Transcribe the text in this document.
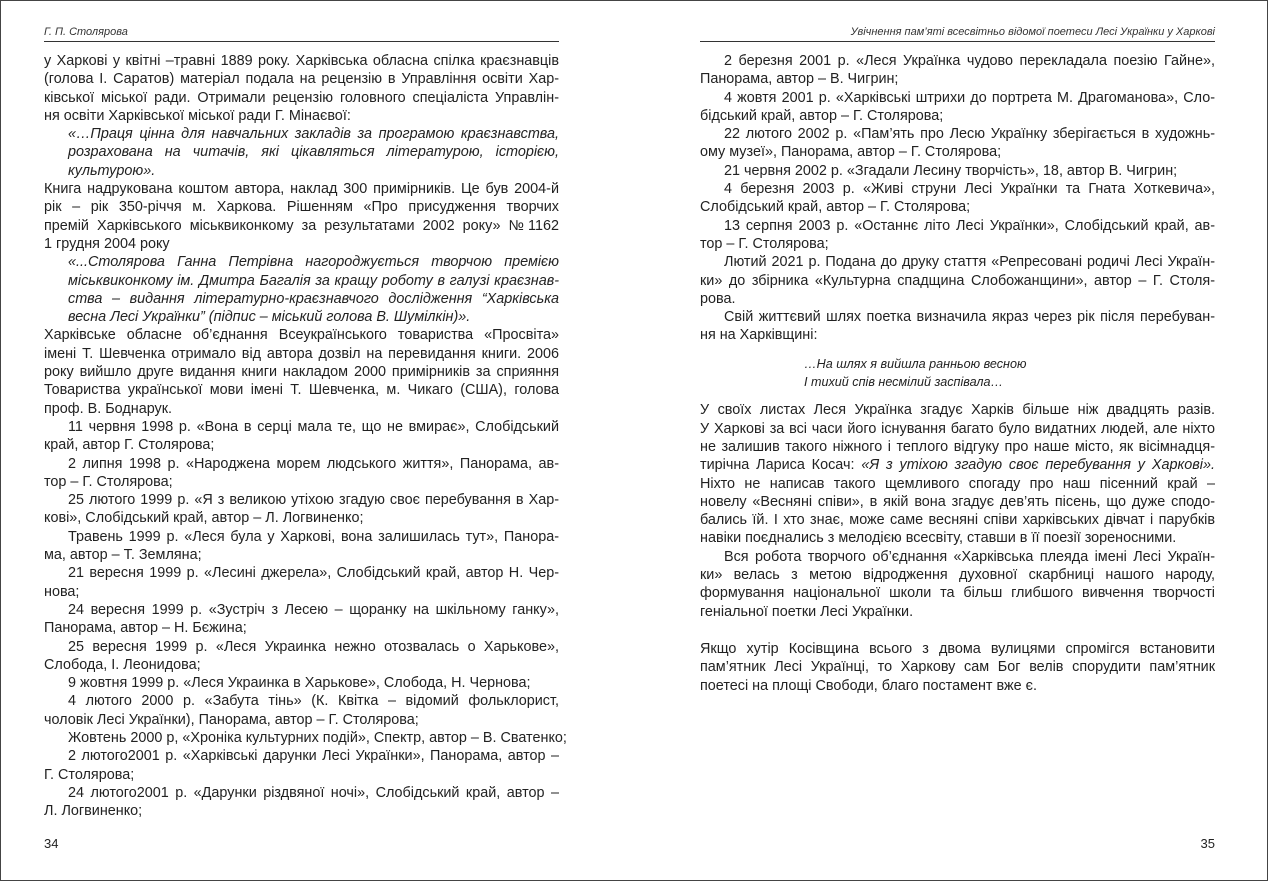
Г. П. Столярова
у Харкові у квітні –травні 1889 року. Харківська обласна спілка краєзнавців
(голова І. Саратов) матеріал подала на рецензію в Управління освіти Хар-
ківської міської ради. Отримали рецензію головного спеціаліста Управлін-
ня освіти Харківської міської ради Г. Мінаєвої:
«…Праця цінна для навчальних закладів за програмою краєзнавства,
розрахована на читачів, які цікавляться літературою, історією,
культурою».
Книга надрукована коштом автора, наклад 300 примірників. Це був 2004-й
рік – рік 350-річчя м. Харкова. Рішенням «Про присудження творчих
премій Харківського міськвиконкому за результатами 2002 року» №1162
1 грудня 2004 року
«...Столярова Ганна Петрівна нагороджується творчою премією
міськвиконкому ім. Дмитра Багалія за кращу роботу в галузі краєзнав-
ства – видання літературно-краєзнавчого дослідження “Харківська
весна Лесі Українки” (підпис – міський голова В. Шумілкін)».
Харківське обласне об’єднання Всеукраїнського товариства «Просвіта»
імені Т. Шевченка отримало від автора дозвіл на перевидання книги. 2006
року вийшло друге видання книги накладом 2000 примірників за сприяння
Товариства української мови імені Т. Шевченка, м. Чикаго (США), голова
проф. В. Боднарук.
11 червня 1998 р. «Вона в серці мала те, що не вмирає», Слобідський
край, автор Г. Столярова;
2 липня 1998 р. «Народжена морем людського життя», Панорама, ав-
тор – Г. Столярова;
25 лютого 1999 р. «Я з великою утіхою згадую своє перебування в Хар-
кові», Слобідський край, автор – Л. Логвиненко;
Травень 1999 р. «Леся була у Харкові, вона залишилась тут», Панора-
ма, автор – Т. Земляна;
21 вересня 1999 р. «Лесині джерела», Слобідський край, автор Н. Чер-
нова;
24 вересня 1999 р. «Зустріч з Лесею – щоранку на шкільному ганку»,
Панорама, автор – Н. Бєжина;
25 вересня 1999 р. «Леся Украинка нежно отозвалась о Харькове»,
Слобода, І. Леонидова;
9 жовтня 1999 р. «Леся Украинка в Харькове», Слобода, Н. Чернова;
4 лютого 2000 р. «Забута тінь» (К. Квітка – відомий фольклорист,
чоловік Лесі Українки), Панорама, автор – Г. Столярова;
Жовтень 2000 р, «Хроніка культурних подій», Спектр, автор – В. Сватенко;
2 лютого2001 р. «Харківські дарунки Лесі Українки», Панорама, автор –
Г. Столярова;
24 лютого2001 р. «Дарунки різдвяної ночі», Слобідський край, автор –
Л. Логвиненко;
34
Увічнення пам’яті всесвітньо відомої поетеси Лесі Українки у Харкові
2 березня 2001 р. «Леся Українка чудово перекладала поезію Гайне»,
Панорама, автор – В. Чигрин;
4 жовтя 2001 р. «Харківські штрихи до портрета М. Драгоманова», Сло-
бідський край, автор – Г. Столярова;
22 лютого 2002 р. «Пам’ять про Лесю Українку зберігається в художнь-
ому музеї», Панорама, автор – Г. Столярова;
21 червня 2002 р. «Згадали Лесину творчість», 18, автор В. Чигрин;
4 березня 2003 р. «Живі струни Лесі Українки та Гната Хоткевича»,
Слобідський край, автор – Г. Столярова;
13 серпня 2003 р. «Останнє літо Лесі Українки», Слобідський край, ав-
тор – Г. Столярова;
Лютий 2021 р. Подана до друку стаття «Репресовані родичі Лесі Україн-
ки» до збірника «Культурна спадщина Слобожанщини», автор – Г. Столя-
рова.
Свій життєвий шлях поетка визначила якраз через рік після перебуван-
ня на Харківщині:
…На шлях я вийшла ранньою весною
І тихий спів несмілий заспівала…
У своїх листах Леся Українка згадує Харків більше ніж двадцять разів.
У Харкові за всі часи його існування багато було видатних людей, але ніхто
не залишив такого ніжного і теплого відгуку про наше місто, як вісімнадця-
тирічна Лариса Косач: «Я з утіхою згадую своє перебування у Харкові».
Ніхто не написав такого щемливого спогаду про наш пісенний край –
новелу «Весняні співи», в якій вона згадує дев’ять пісень, що дуже сподо-
бались їй. І хто знає, може саме весняні співи харківських дівчат і парубків
навіки поєднались з мелодією всесвіту, ставши в її поезії зореносними.
Вся робота творчого об’єднання «Харківська плеяда імені Лесі Україн-
ки» велась з метою відродження духовної скарбниці нашого народу,
формування національної школи та більш глибшого вивчення творчості
геніальної поетки Лесі Українки.
Якщо хутір Косівщина всього з двома вулицями спромігся встановити
пам’ятник Лесі Українці, то Харкову сам Бог велів спорудити пам’ятник
поетесі на площі Свободи, благо постамент вже є.
35
